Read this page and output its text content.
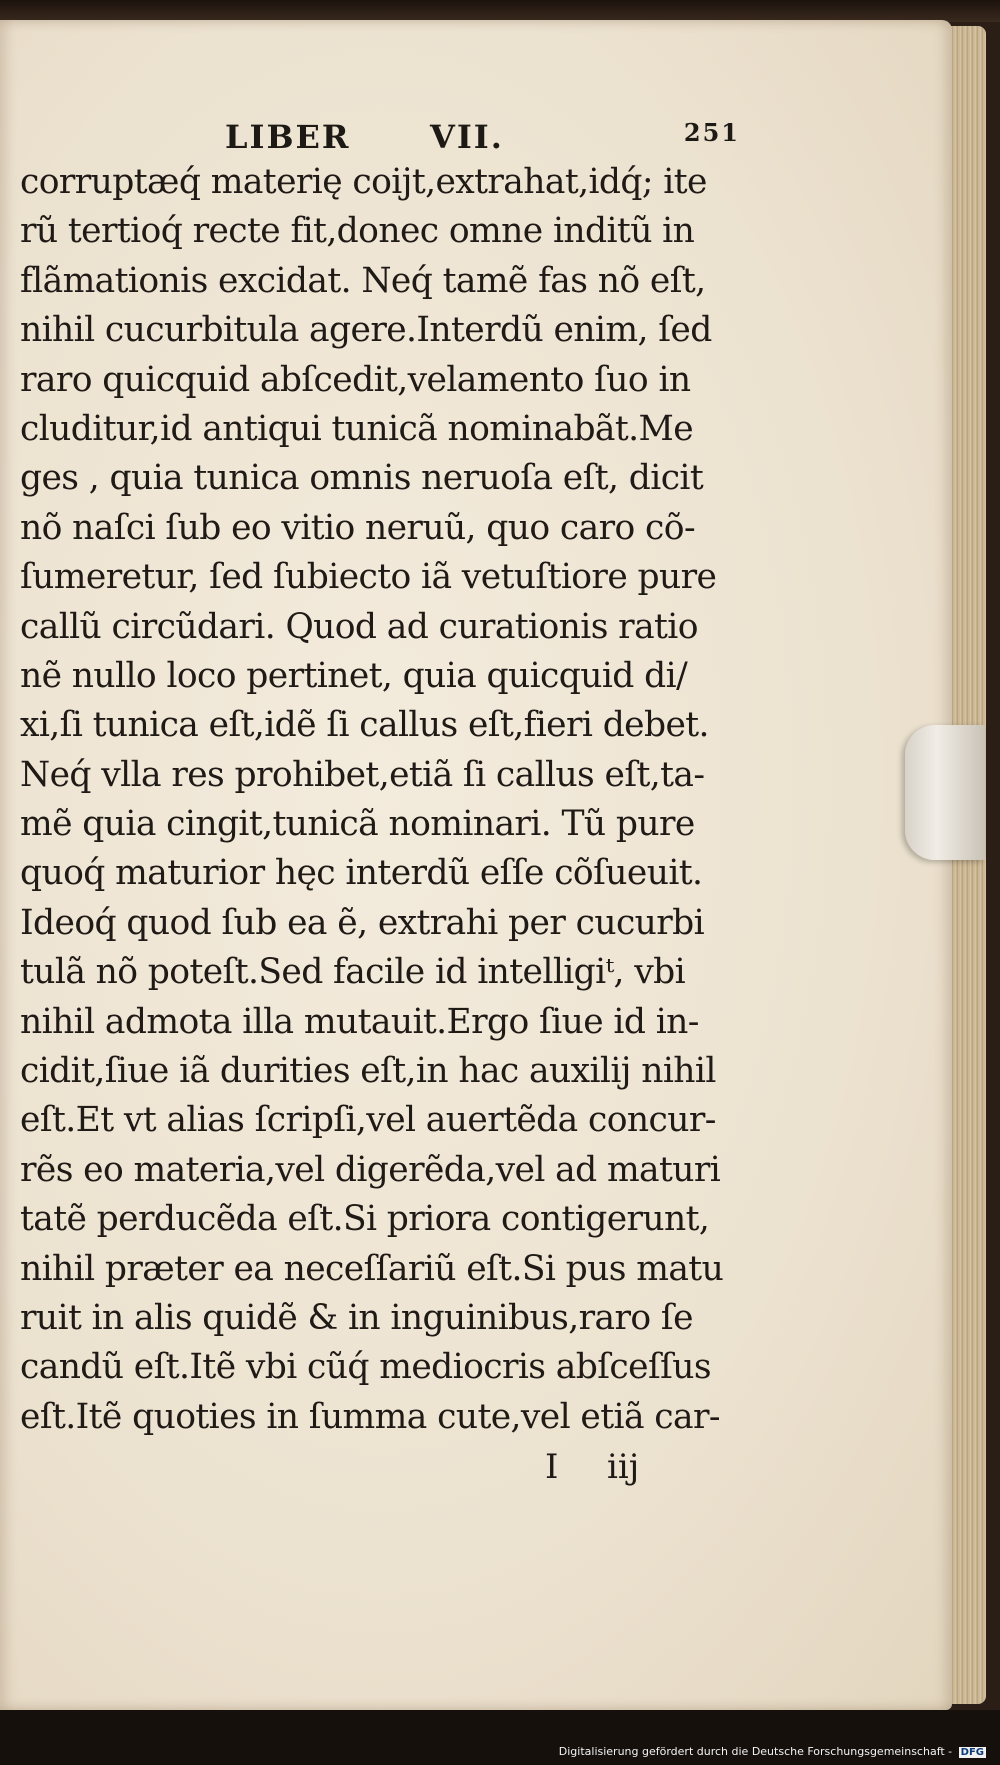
LIBER VII.	251
corruptæq́ materię coijt,extrahat,idq́; ite
rũ tertioq́ recte fit,donec omne inditũ in
flãmationis excidat. Neq́ tamẽ fas nõ eſt,
nihil cucurbitula agere.Interdũ enim, ſed
raro quicquid abſcedit,velamento ſuo in
cluditur,id antiqui tunicã nominabãt.Me
ges , quia tunica omnis neruoſa eſt, dicit
nõ naſci ſub eo vitio neruũ, quo caro cõ-
ſumeretur, ſed ſubiecto iã vetuſtiore pure
callũ circũdari. Quod ad curationis ratio
nẽ nullo loco pertinet, quia quicquid di/
xi,ſi tunica eſt,idẽ ſi callus eſt,fieri debet.
Neq́ vlla res prohibet,etiã ſi callus eſt,ta-
mẽ quia cingit,tunicã nominari. Tũ pure
quoq́ maturior hęc interdũ eſſe cõſueuit.
Ideoq́ quod ſub ea ẽ, extrahi per cucurbi
tulã nõ poteſt.Sed facile id intelligiᵗ, vbi
nihil admota illa mutauit.Ergo ſiue id in-
cidit,ſiue iã durities eſt,in hac auxilij nihil
eſt.Et vt alias ſcripſi,vel auertẽda concur-
rẽs eo materia,vel digerẽda,vel ad maturi
tatẽ perducẽda eſt.Si priora contigerunt,
nihil præter ea neceſſariũ eſt.Si pus matu
ruit in alis quidẽ & in inguinibus,raro ſe
candũ eſt.Itẽ vbi cũq́ mediocris abſceſſus
eſt.Itẽ quoties in ſumma cute,vel etiã car-
I iij
Digitalisierung gefördert durch die Deutsche Forschungsgemeinschaft - DFG
